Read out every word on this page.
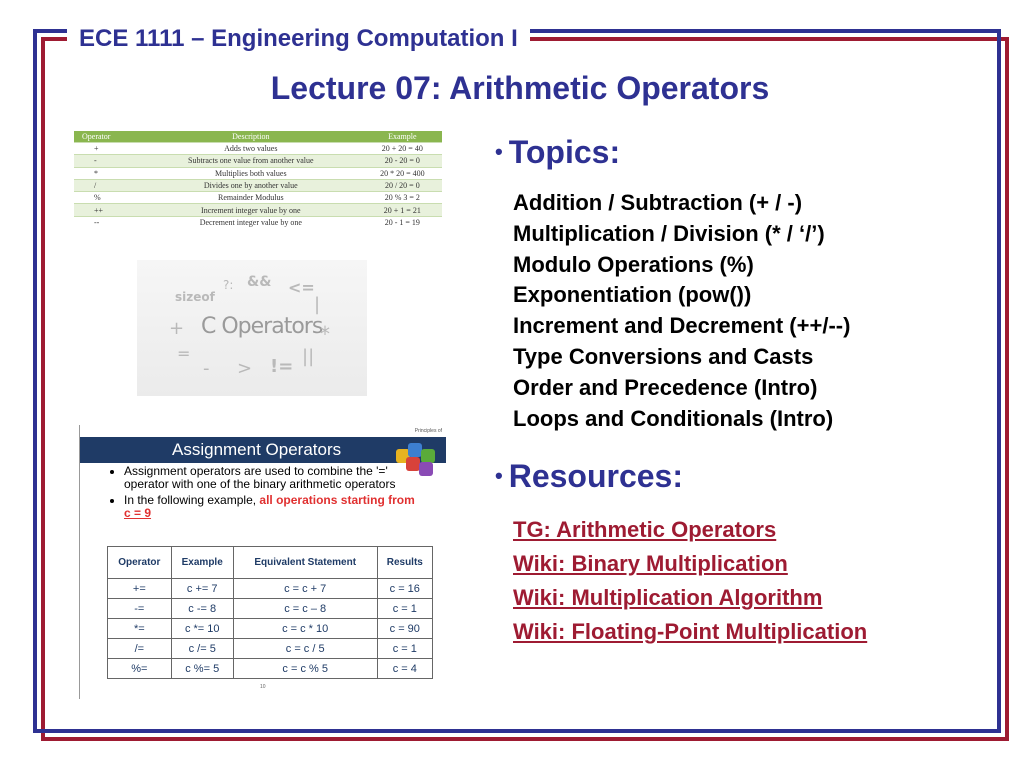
ECE 1111 – Engineering Computation I
Lecture 07: Arithmetic Operators
Operator	Description	Example
+	Adds two values	20 + 20 = 40
-	Subtracts one value from another value	20 - 20 = 0
*	Multiplies both values	20 * 20 = 400
/	Divides one by another value	20 / 20 = 0
%	Remainder Modulus	20 % 3 = 2
++	Increment integer value by one	20 + 1 = 21
--	Decrement integer value by one	20 - 1 = 19
?: && <=
sizeof	|
+ C Operators
*
=	||
- > !=
Principles of
Assignment Operators
• Assignment operators are used to combine the '=' operator with one of the binary arithmetic operators
• In the following example, all operations starting from c = 9
Operator	Example	Equivalent Statement	Results
+=	c += 7	c = c + 7	c = 16
-=	c -= 8	c = c – 8	c = 1
*=	c *= 10	c = c * 10	c = 90
/=	c /= 5	c = c / 5	c = 1
%=	c %= 5	c = c % 5	c = 4
10
• Topics:
Addition / Subtraction (+ / -)
Multiplication / Division (* / ‘/’)
Modulo Operations (%)
Exponentiation (pow())
Increment and Decrement (++/--)
Type Conversions and Casts
Order and Precedence (Intro)
Loops and Conditionals (Intro)
• Resources:
TG: Arithmetic Operators
Wiki: Binary Multiplication
Wiki: Multiplication Algorithm
Wiki: Floating-Point Multiplication
